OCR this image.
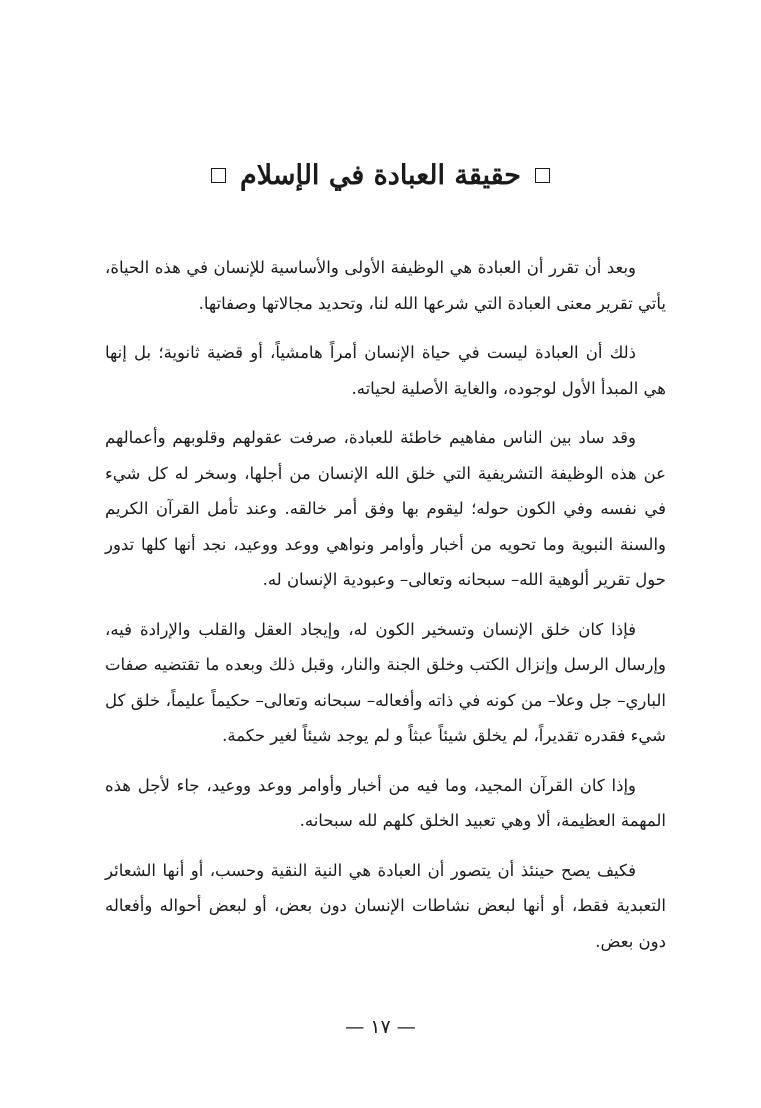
حقيقة العبادة في الإسلام

وبعد أن تقرر أن العبادة هي الوظيفة الأولى والأساسية للإنسان في هذه الحياة، يأتي تقرير معنى العبادة التي شرعها الله لنا، وتحديد مجالاتها وصفاتها.

ذلك أن العبادة ليست في حياة الإنسان أمراً هامشياً، أو قضية ثانوية؛ بل إنها هي المبدأ الأول لوجوده، والغاية الأصلية لحياته.

وقد ساد بين الناس مفاهيم خاطئة للعبادة، صرفت عقولهم وقلوبهم وأعمالهم عن هذه الوظيفة التشريفية التي خلق الله الإنسان من أجلها، وسخر له كل شيء في نفسه وفي الكون حوله؛ ليقوم بها وفق أمر خالقه. وعند تأمل القرآن الكريم والسنة النبوية وما تحويه من أخبار وأوامر ونواهي ووعد ووعيد، نجد أنها كلها تدور حول تقرير ألوهية الله– سبحانه وتعالى– وعبودية الإنسان له.

فإذا كان خلق الإنسان وتسخير الكون له، وإيجاد العقل والقلب والإرادة فيه، وإرسال الرسل وإنزال الكتب وخلق الجنة والنار، وقبل ذلك وبعده ما تقتضيه صفات الباري– جل وعلا– من كونه في ذاته وأفعاله– سبحانه وتعالى– حكيماً عليماً، خلق كل شيء فقدره تقديراً، لم يخلق شيئاً عبثاً و لم يوجد شيئاً لغير حكمة.

وإذا كان القرآن المجيد، وما فيه من أخبار وأوامر ووعد ووعيد، جاء لأجل هذه المهمة العظيمة، ألا وهي تعبيد الخلق كلهم لله سبحانه.

فكيف يصح حينئذ أن يتصور أن العبادة هي النية النقية وحسب، أو أنها الشعائر التعبدية فقط، أو أنها لبعض نشاطات الإنسان دون بعض، أو لبعض أحواله وأفعاله دون بعض.

— ١٧ —
